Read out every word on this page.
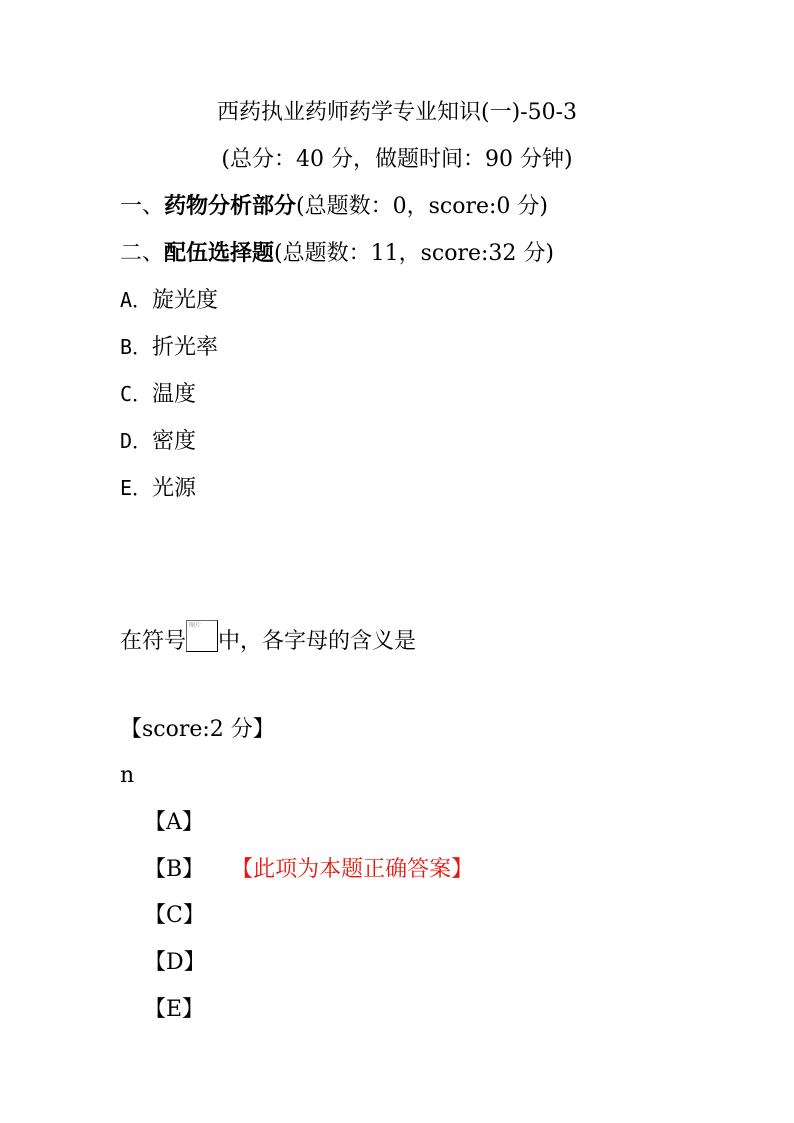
西药执业药师药学专业知识(一)-50-3
(总分：40 分，做题时间：90 分钟)
一、药物分析部分(总题数：0，score:0 分)
二、配伍选择题(总题数：11，score:32 分)
A．旋光度
B．折光率
C．温度
D．密度
E．光源
在符号
图片
中，各字母的含义是
【score:2 分】
n
【A】
【B】 【此项为本题正确答案】
【C】
【D】
【E】
